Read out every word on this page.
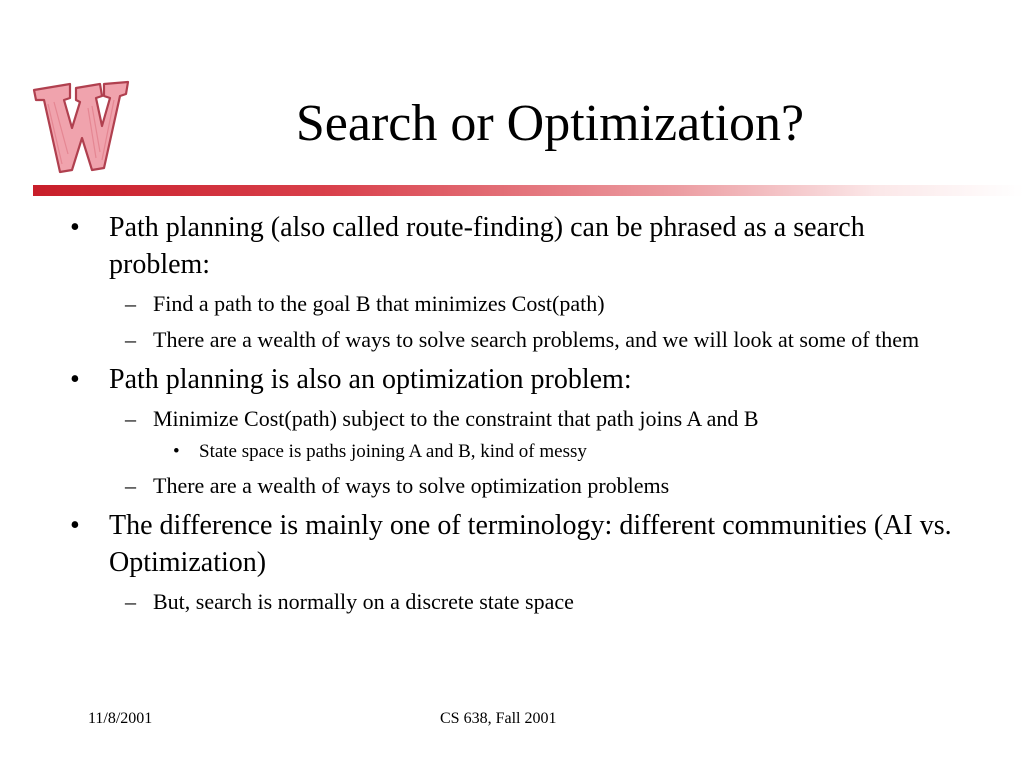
Search or Optimization?
• Path planning (also called route-finding) can be phrased as a search problem:
– Find a path to the goal B that minimizes Cost(path)
– There are a wealth of ways to solve search problems, and we will look at some of them
• Path planning is also an optimization problem:
– Minimize Cost(path) subject to the constraint that path joins A and B
• State space is paths joining A and B, kind of messy
– There are a wealth of ways to solve optimization problems
• The difference is mainly one of terminology: different communities (AI vs. Optimization)
– But, search is normally on a discrete state space
11/8/2001	CS 638, Fall 2001
